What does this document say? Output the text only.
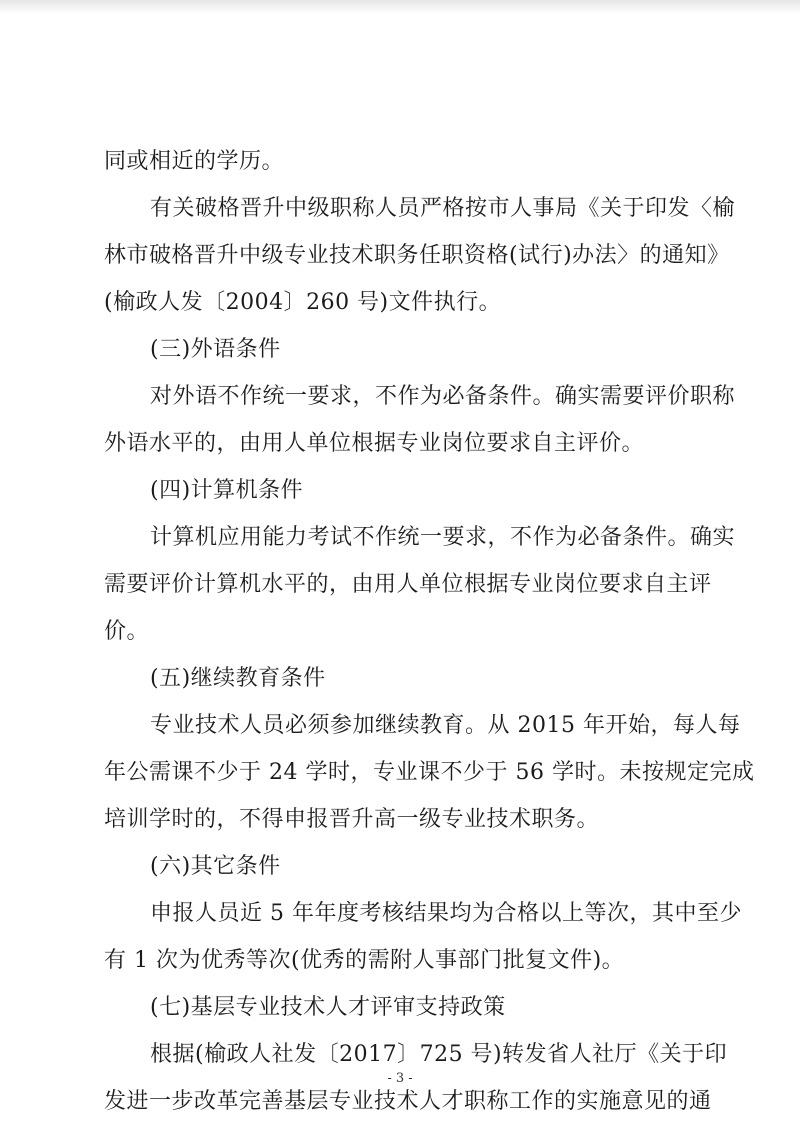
同或相近的学历。
有关破格晋升中级职称人员严格按市人事局《关于印发〈榆
林市破格晋升中级专业技术职务任职资格(试行)办法〉的通知》
(榆政人发〔2004〕260 号)文件执行。
(三)外语条件
对外语不作统一要求，不作为必备条件。确实需要评价职称
外语水平的，由用人单位根据专业岗位要求自主评价。
(四)计算机条件
计算机应用能力考试不作统一要求，不作为必备条件。确实
需要评价计算机水平的，由用人单位根据专业岗位要求自主评
价。
(五)继续教育条件
专业技术人员必须参加继续教育。从 2015 年开始，每人每
年公需课不少于 24 学时，专业课不少于 56 学时。未按规定完成
培训学时的，不得申报晋升高一级专业技术职务。
(六)其它条件
申报人员近 5 年年度考核结果均为合格以上等次，其中至少
有 1 次为优秀等次(优秀的需附人事部门批复文件)。
(七)基层专业技术人才评审支持政策
根据(榆政人社发〔2017〕725 号)转发省人社厅《关于印
发进一步改革完善基层专业技术人才职称工作的实施意见的通
- 3 -
